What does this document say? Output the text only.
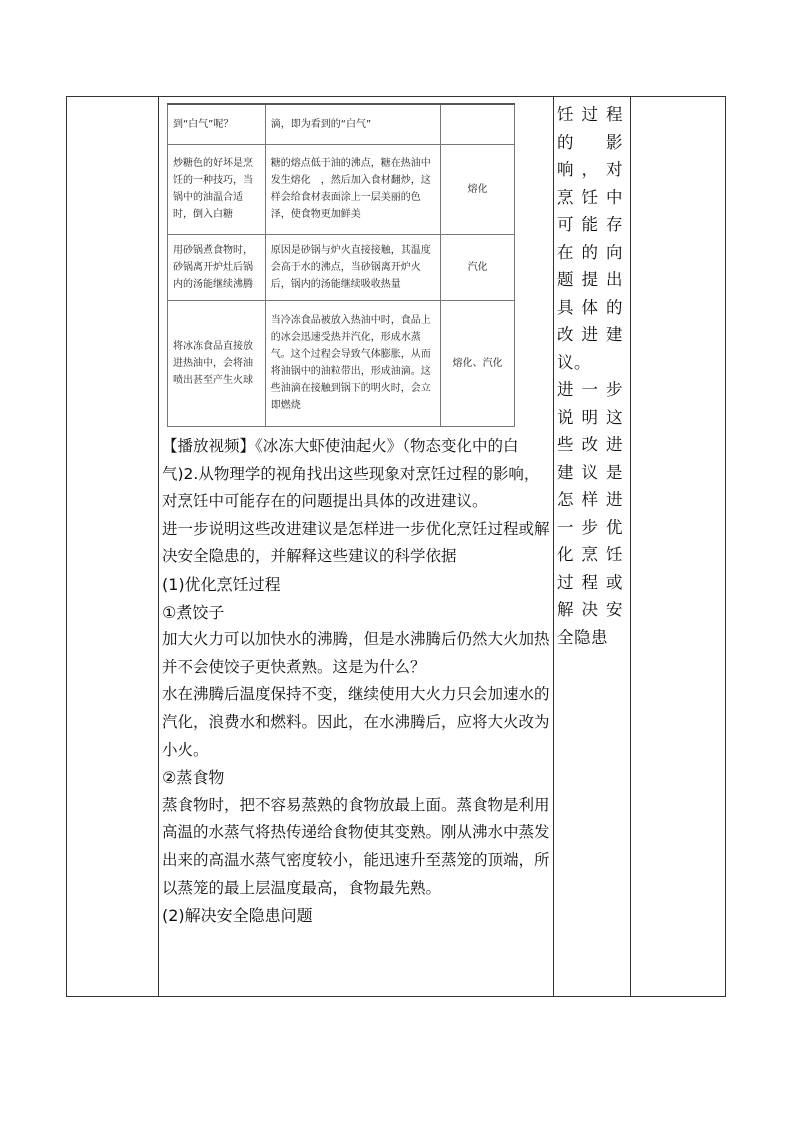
到“白气”呢？	滴，即为看到的“白气”	
炒糖色的好坏是烹饪的一种技巧，当锅中的油温合适时，倒入白糖	糖的熔点低于油的沸点，糖在热油中发生熔化　，然后加入食材翻炒，这样会给食材表面涂上一层美丽的色泽，使食物更加鲜美	熔化
用砂锅煮食物时，砂锅离开炉灶后锅内的汤能继续沸腾	原因是砂锅与炉火直接接触，其温度会高于水的沸点，当砂锅离开炉火后，锅内的汤能继续吸收热量	汽化
将冰冻食品直接放进热油中，会将油喷出甚至产生火球	当冷冻食品被放入热油中时，食品上的冰会迅速受热并汽化，形成水蒸气。这个过程会导致气体膨胀，从而将油锅中的油粒带出，形成油滴。这些油滴在接触到锅下的明火时，会立即燃烧	熔化、汽化

【播放视频】《冰冻大虾使油起火》（物态变化中的白气)2.从物理学的视角找出这些现象对烹饪过程的影响，对烹饪中可能存在的问题提出具体的改进建议。

进一步说明这些改进建议是怎样进一步优化烹饪过程或解决安全隐患的，并解释这些建议的科学依据

(1)优化烹饪过程

①煮饺子

加大火力可以加快水的沸腾，但是水沸腾后仍然大火加热并不会使饺子更快煮熟。这是为什么？

水在沸腾后温度保持不变，继续使用大火力只会加速水的汽化，浪费水和燃料。因此，在水沸腾后，应将大火改为小火。

②蒸食物

蒸食物时，把不容易蒸熟的食物放最上面。蒸食物是利用高温的水蒸气将热传递给食物使其变熟。刚从沸水中蒸发出来的高温水蒸气密度较小，能迅速升至蒸笼的顶端，所以蒸笼的最上层温度最高，食物最先熟。

(2)解决安全隐患问题

饪过程的影响，对烹饪中可能存在的向题提出具体的改进建议。

进一步说明这些改进建议是怎样进一步优化烹饪过程或解决安全隐患
